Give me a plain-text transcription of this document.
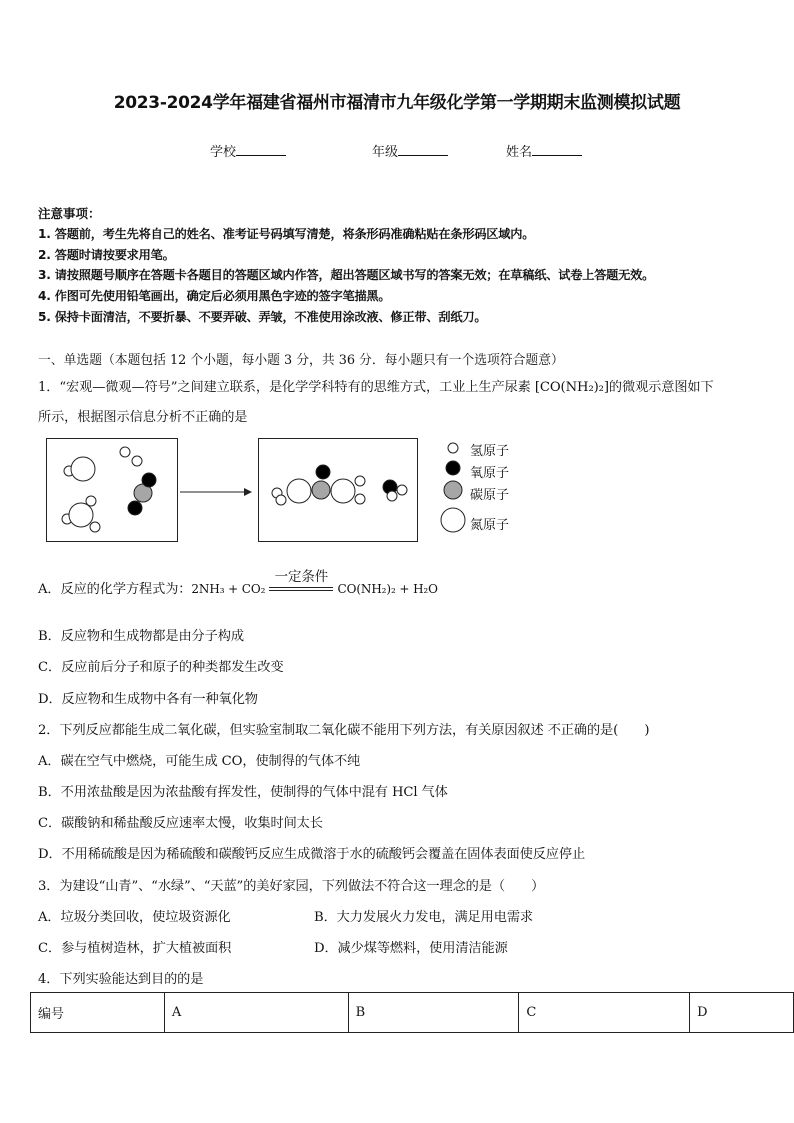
2023-2024学年福建省福州市福清市九年级化学第一学期期末监测模拟试题
学校	年级	姓名
注意事项：
1. 答题前，考生先将自己的姓名、准考证号码填写清楚，将条形码准确粘贴在条形码区域内。
2. 答题时请按要求用笔。
3. 请按照题号顺序在答题卡各题目的答题区域内作答，超出答题区域书写的答案无效；在草稿纸、试卷上答题无效。
4. 作图可先使用铅笔画出，确定后必须用黑色字迹的签字笔描黑。
5. 保持卡面清洁，不要折暴、不要弄破、弄皱，不准使用涂改液、修正带、刮纸刀。
一、单选题（本题包括 12 个小题，每小题 3 分，共 36 分．每小题只有一个选项符合题意）
1．“宏观—微观—符号”之间建立联系，是化学学科特有的思维方式，工业上生产尿素 [CO(NH₂)₂]的微观示意图如下
所示，根据图示信息分析不正确的是
氢原子
氧原子
碳原子
氮原子
A．反应的化学方程式为：2NH₃ + CO₂
一定条件
CO(NH₂)₂ + H₂O
B．反应物和生成物都是由分子构成
C．反应前后分子和原子的种类都发生改变
D．反应物和生成物中各有一种氧化物
2．下列反应都能生成二氧化碳，但实验室制取二氧化碳不能用下列方法，有关原因叙述 不正确的是(　　)
A．碳在空气中燃烧，可能生成 CO，使制得的气体不纯
B．不用浓盐酸是因为浓盐酸有挥发性，使制得的气体中混有 HCl 气体
C．碳酸钠和稀盐酸反应速率太慢，收集时间太长
D．不用稀硫酸是因为稀硫酸和碳酸钙反应生成微溶于水的硫酸钙会覆盖在固体表面使反应停止
3．为建设“山青”、“水绿”、“天蓝”的美好家园，下列做法不符合这一理念的是（　　）
A．垃圾分类回收，使垃圾资源化	B．大力发展火力发电，满足用电需求
C．参与植树造林，扩大植被面积	D．减少煤等燃料，使用清洁能源
4．下列实验能达到目的的是
编号	A	B	C	D
